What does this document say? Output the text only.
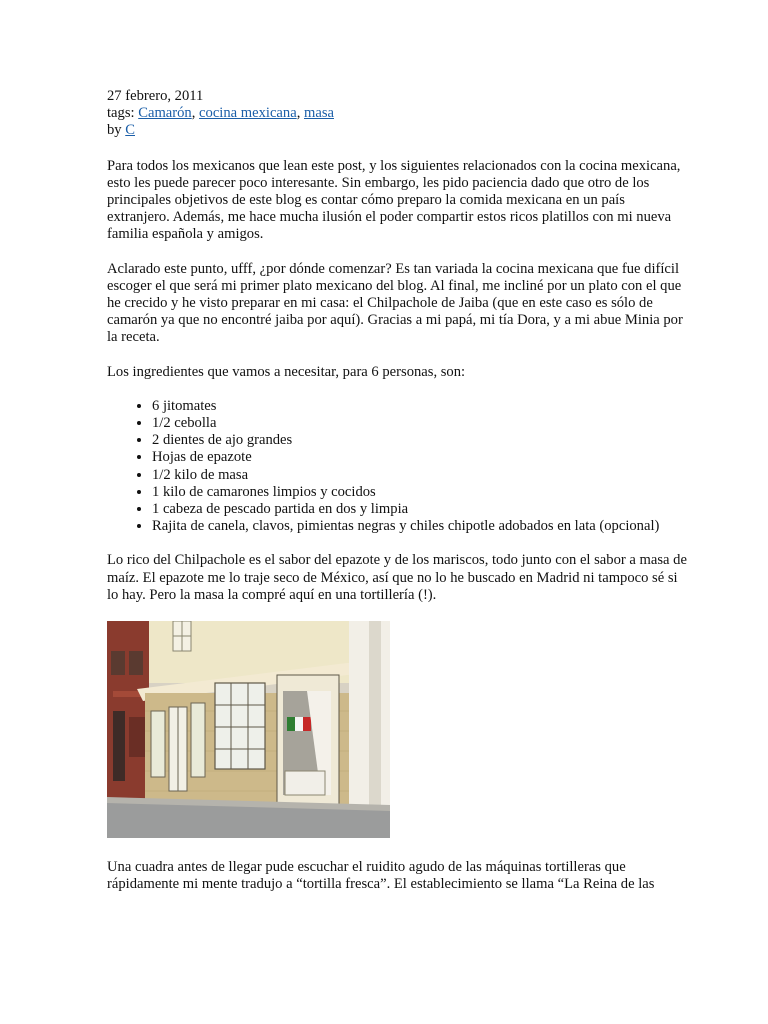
27 febrero, 2011
tags: Camarón, cocina mexicana, masa
by C

Para todos los mexicanos que lean este post, y los siguientes relacionados con la cocina mexicana, esto les puede parecer poco interesante. Sin embargo, les pido paciencia dado que otro de los principales objetivos de este blog es contar cómo preparo la comida mexicana en un país extranjero. Además, me hace mucha ilusión el poder compartir estos ricos platillos con mi nueva familia española y amigos.

Aclarado este punto, ufff, ¿por dónde comenzar? Es tan variada la cocina mexicana que fue difícil escoger el que será mi primer plato mexicano del blog. Al final, me incliné por un plato con el que he crecido y he visto preparar en mi casa: el Chilpachole de Jaiba (que en este caso es sólo de camarón ya que no encontré jaiba por aquí). Gracias a mi papá, mi tía Dora, y a mi abue Minia por la receta.

Los ingredientes que vamos a necesitar, para 6 personas, son:

• 6 jitomates
• 1/2 cebolla
• 2 dientes de ajo grandes
• Hojas de epazote
• 1/2 kilo de masa
• 1 kilo de camarones limpios y cocidos
• 1 cabeza de pescado partida en dos y limpia
• Rajita de canela, clavos, pimientas negras y chiles chipotle adobados en lata (opcional)

Lo rico del Chilpachole es el sabor del epazote y de los mariscos, todo junto con el sabor a masa de maíz. El epazote me lo traje seco de México, así que no lo he buscado en Madrid ni tampoco sé si lo hay. Pero la masa la compré aquí en una tortillería (!).

Una cuadra antes de llegar pude escuchar el ruidito agudo de las máquinas tortilleras que rápidamente mi mente tradujo a “tortilla fresca”. El establecimiento se llama “La Reina de las
